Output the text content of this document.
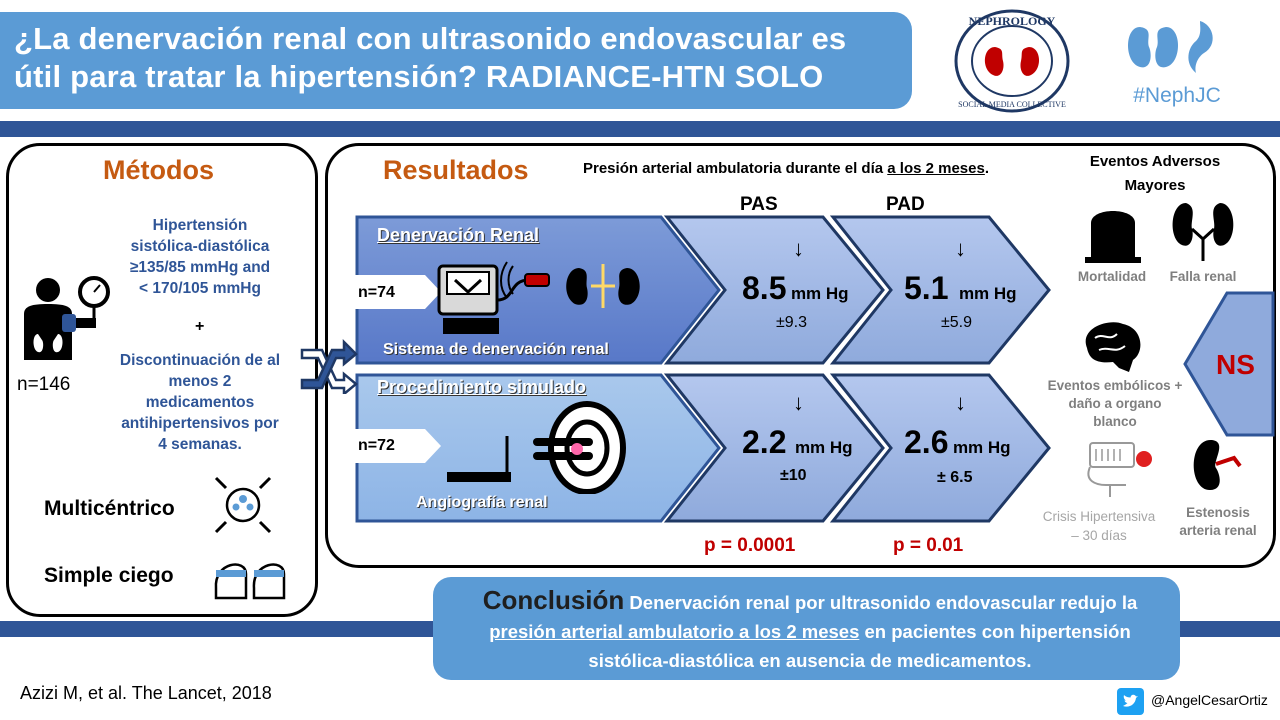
¿La denervación renal con ultrasonido endovascular es útil para tratar la hipertensión? RADIANCE-HTN SOLO
NEPHROLOGY
SOCIAL MEDIA COLLECTIVE	#NephJC
Métodos
Hipertensión
sistólica-diastólica
≥135/85 mmHg and
< 170/105 mmHg
+
Discontinuación de al
menos 2
medicamentos
antihipertensivos por
4 semanas.
n=146
Multicéntrico
Simple ciego
Resultados	Presión arterial ambulatoria durante el día a los 2 meses.
PAS	PAD
Denervación Renal
n=74
Sistema de denervación renal
↓
8.5 mm Hg
±9.3
↓
5.1 mm Hg
±5.9
Procedimiento simulado
n=72
Angiografía renal
↓
2.2 mm Hg
±10
↓
2.6 mm Hg
± 6.5
p = 0.0001	p = 0.01
Eventos Adversos
Mayores
Mortalidad	Falla renal
Eventos embólicos +
daño a organo
blanco
Crisis Hipertensiva
– 30 días
Estenosis
arteria renal
NS
Conclusión Denervación renal por ultrasonido endovascular redujo la
presión arterial ambulatorio a los 2 meses en pacientes con hipertensión
sistólica-diastólica en ausencia de medicamentos.
Azizi M, et al. The Lancet, 2018	@AngelCesarOrtiz
